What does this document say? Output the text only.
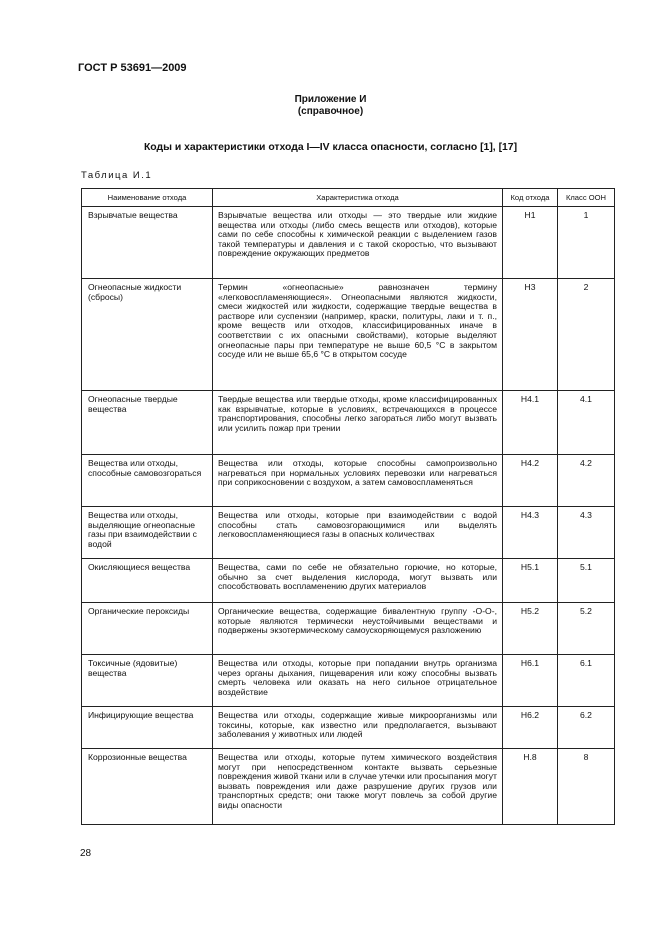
ГОСТ Р 53691—2009
Приложение И
(справочное)
Коды и характеристики отхода I—IV класса опасности, согласно [1], [17]
Таблица И.1
Наименование отхода	Характеристика отхода	Код отхода	Класс ООН
Взрывчатые вещества	Взрывчатые вещества или отходы — это твердые или жидкие вещества или отходы (либо смесь веществ или отходов), которые сами по себе способны к химической реакции с выделением газов такой температуры и давления и с такой скоростью, что вызывают повреждение окружающих предметов	H1	1
Огнеопасные жидкости (сбросы)	Термин «огнеопасные» равнозначен термину «легковоспламеняющиеся». Огнеопасными являются жидкости, смеси жидкостей или жидкости, содержащие твердые вещества в растворе или суспензии (например, краски, политуры, лаки и т. п., кроме веществ или отходов, классифицированных иначе в соответствии с их опасными свойствами), которые выделяют огнеопасные пары при температуре не выше 60,5 °С в закрытом сосуде или не выше 65,6 °С в открытом сосуде	H3	2
Огнеопасные твердые вещества	Твердые вещества или твердые отходы, кроме классифицированных как взрывчатые, которые в условиях, встречающихся в процессе транспортирования, способны легко загораться либо могут вызвать или усилить пожар при трении	H4.1	4.1
Вещества или отходы, способные самовозгораться	Вещества или отходы, которые способны самопроизвольно нагреваться при нормальных условиях перевозки или нагреваться при соприкосновении с воздухом, а затем самовоспламеняться	H4.2	4.2
Вещества или отходы, выделяющие огнеопасные газы при взаимодействии с водой	Вещества или отходы, которые при взаимодействии с водой способны стать самовозгорающимися или выделять легковоспламеняющиеся газы в опасных количествах	H4.3	4.3
Окисляющиеся вещества	Вещества, сами по себе не обязательно горючие, но которые, обычно за счет выделения кислорода, могут вызвать или способствовать воспламенению других материалов	H5.1	5.1
Органические пероксиды	Органические вещества, содержащие бивалентную группу -О-О-, которые являются термически неустойчивыми веществами и подвержены экзотермическому самоускоряющемуся разложению	H5.2	5.2
Токсичные (ядовитые) вещества	Вещества или отходы, которые при попадании внутрь организма через органы дыхания, пищеварения или кожу способны вызвать смерть человека или оказать на него сильное отрицательное воздействие	H6.1	6.1
Инфицирующие вещества	Вещества или отходы, содержащие живые микроорганизмы или токсины, которые, как известно или предполагается, вызывают заболевания у животных или людей	H6.2	6.2
Коррозионные вещества	Вещества или отходы, которые путем химического воздействия могут при непосредственном контакте вызвать серьезные повреждения живой ткани или в случае утечки или просыпания могут вызвать повреждения или даже разрушение других грузов или транспортных средств; они также могут повлечь за собой другие виды опасности	H.8	8
28
